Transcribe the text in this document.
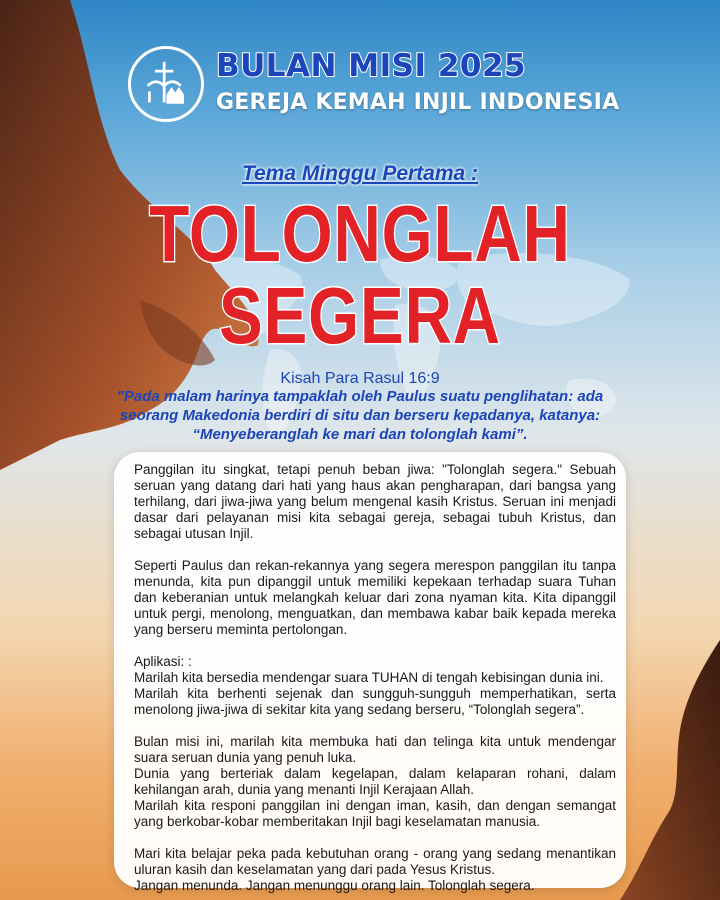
BULAN MISI 2025
GEREJA KEMAH INJIL INDONESIA
Tema Minggu Pertama :
TOLONGLAH
SEGERA
Kisah Para Rasul 16:9
"Pada malam harinya tampaklah oleh Paulus suatu penglihatan: ada seorang Makedonia berdiri di situ dan berseru kepadanya, katanya: “Menyeberanglah ke mari dan tolonglah kami”.

Panggilan itu singkat, tetapi penuh beban jiwa: "Tolonglah segera." Sebuah seruan yang datang dari hati yang haus akan pengharapan, dari bangsa yang terhilang, dari jiwa-jiwa yang belum mengenal kasih Kristus. Seruan ini menjadi dasar dari pelayanan misi kita sebagai gereja, sebagai tubuh Kristus, dan sebagai utusan Injil.

Seperti Paulus dan rekan-rekannya yang segera merespon panggilan itu tanpa menunda, kita pun dipanggil untuk memiliki kepekaan terhadap suara Tuhan dan keberanian untuk melangkah keluar dari zona nyaman kita. Kita dipanggil untuk pergi, menolong, menguatkan, dan membawa kabar baik kepada mereka yang berseru meminta pertolongan.

Aplikasi: :
Marilah kita bersedia mendengar suara TUHAN di tengah kebisingan dunia ini.
Marilah kita berhenti sejenak dan sungguh-sungguh memperhatikan, serta menolong jiwa-jiwa di sekitar kita yang sedang berseru, “Tolonglah segera”.
Bulan misi ini, marilah kita membuka hati dan telinga kita untuk mendengar suara seruan dunia yang penuh luka.
Dunia yang berteriak dalam kegelapan, dalam kelaparan rohani, dalam kehilangan arah, dunia yang menanti Injil Kerajaan Allah.
Marilah kita responi panggilan ini dengan iman, kasih, dan dengan semangat yang berkobar-kobar memberitakan Injil bagi keselamatan manusia.
Mari kita belajar peka pada kebutuhan orang - orang yang sedang menantikan uluran kasih dan keselamatan yang dari pada Yesus Kristus.
Jangan menunda. Jangan menunggu orang lain. Tolonglah segera.
